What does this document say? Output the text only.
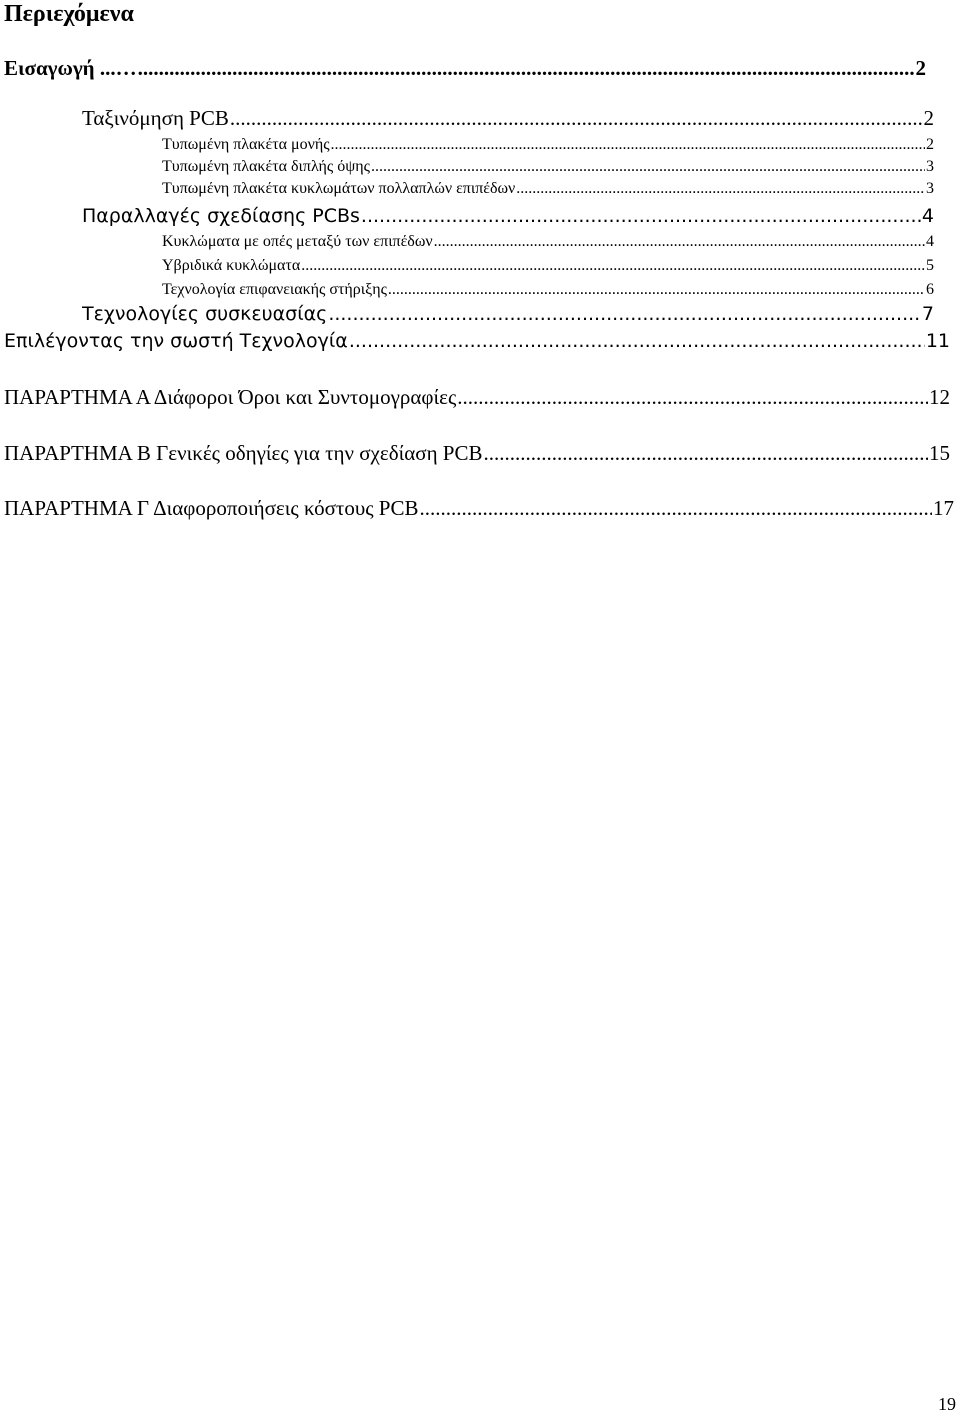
Περιεχόμενα
Εισαγωγή ...… .....	2
Ταξινόμηση PCB .....	2
Τυπωμένη πλακέτα μονής .....	2
Τυπωμένη πλακέτα διπλής όψης .....	3
Τυπωμένη πλακέτα κυκλωμάτων πολλαπλών επιπέδων .....	3
Παραλλαγές σχεδίασης PCBs .....	4
Κυκλώματα με οπές μεταξύ των επιπέδων .....	4
Υβριδικά κυκλώματα .....	5
Τεχνολογία επιφανειακής στήριξης .....	6
Τεχνολογίες συσκευασίας .....	7
Επιλέγοντας την σωστή Τεχνολογία .....	11
ΠΑΡΑΡΤΗΜΑ Α Διάφοροι Όροι και Συντομογραφίες .....	12
ΠΑΡΑΡΤΗΜΑ Β Γενικές οδηγίες για την σχεδίαση PCB .....	15
ΠΑΡΑΡΤΗΜΑ Γ Διαφοροποιήσεις κόστους PCB .....	17
19
